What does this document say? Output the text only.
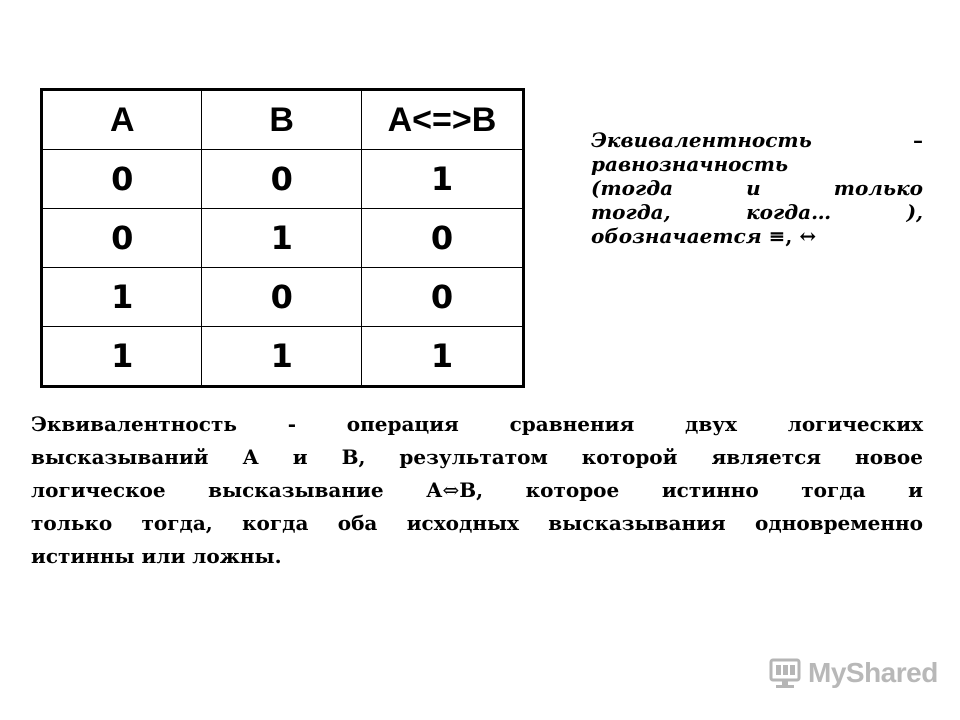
A	B	A<=>B
0	0	1
0	1	0
1	0	0
1	1	1
Эквивалентность	–
равнозначность
(тогда и только
тогда, когда… ),
обозначается ≡, ↔
Эквивалентность - операция сравнения двух логических
высказываний А и В, результатом которой является новое
логическое высказывание А⇔В, которое истинно тогда и
только тогда, когда оба исходных высказывания одновременно
истинны или ложны.
MyShared
